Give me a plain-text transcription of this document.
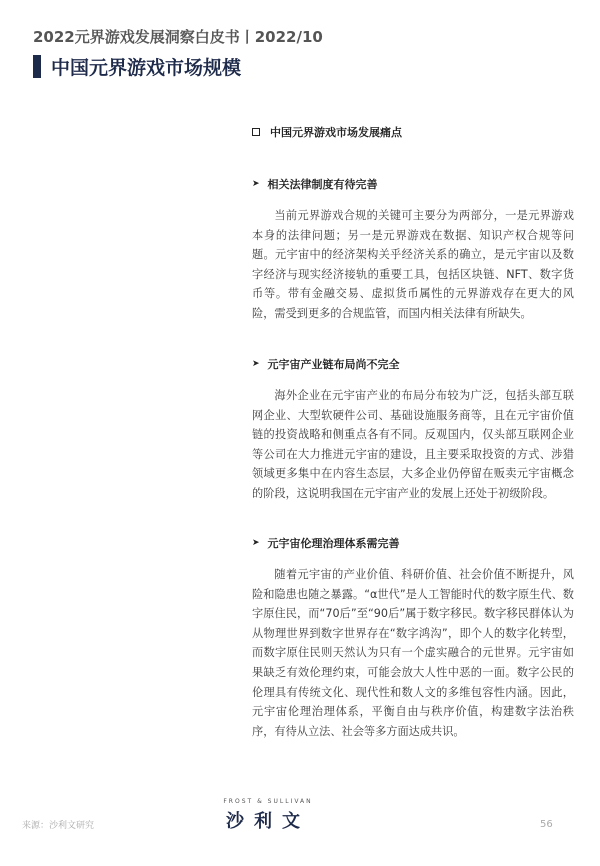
2022元界游戏发展洞察白皮书丨2022/10
中国元界游戏市场规模
中国元界游戏市场发展痛点
➤ 相关法律制度有待完善
当前元界游戏合规的关键可主要分为两部分，一是元界游戏本身的法律问题；另一是元界游戏在数据、知识产权合规等问题。元宇宙中的经济架构关乎经济关系的确立，是元宇宙以及数字经济与现实经济接轨的重要工具，包括区块链、NFT、数字货币等。带有金融交易、虚拟货币属性的元界游戏存在更大的风险，需受到更多的合规监管，而国内相关法律有所缺失。
➤ 元宇宙产业链布局尚不完全
海外企业在元宇宙产业的布局分布较为广泛，包括头部互联网企业、大型软硬件公司、基础设施服务商等，且在元宇宙价值链的投资战略和侧重点各有不同。反观国内，仅头部互联网企业等公司在大力推进元宇宙的建设，且主要采取投资的方式、涉猎领域更多集中在内容生态层，大多企业仍停留在贩卖元宇宙概念的阶段，这说明我国在元宇宙产业的发展上还处于初级阶段。
➤ 元宇宙伦理治理体系需完善
随着元宇宙的产业价值、科研价值、社会价值不断提升，风险和隐患也随之暴露。“α世代”是人工智能时代的数字原生代、数字原住民，而“70后”至“90后”属于数字移民。数字移民群体认为从物理世界到数字世界存在“数字鸿沟”，即个人的数字化转型，而数字原住民则天然认为只有一个虚实融合的元世界。元宇宙如果缺乏有效伦理约束，可能会放大人性中恶的一面。数字公民的伦理具有传统文化、现代性和数人文的多维包容性内涵。因此，元宇宙伦理治理体系，平衡自由与秩序价值，构建数字法治秩序，有待从立法、社会等多方面达成共识。
来源：沙利文研究
FROST & SULLIVAN
沙利文	56
